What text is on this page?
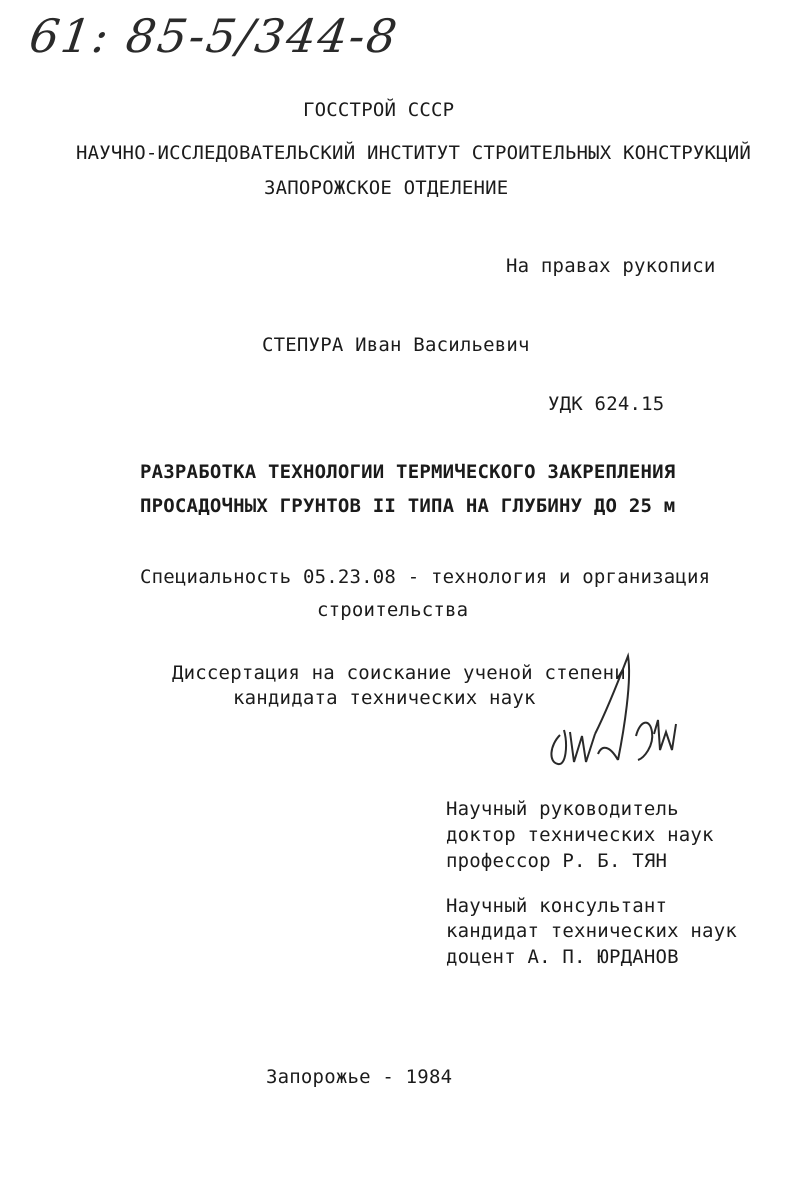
61: 85-5/344-8
ГОССТРОЙ СССР
НАУЧНО-ИССЛЕДОВАТЕЛЬСКИЙ ИНСТИТУТ СТРОИТЕЛЬНЫХ КОНСТРУКЦИЙ
ЗАПОРОЖСКОЕ ОТДЕЛЕНИЕ
На правах рукописи
СТЕПУРА Иван Васильевич
УДК 624.15
РАЗРАБОТКА ТЕХНОЛОГИИ ТЕРМИЧЕСКОГО ЗАКРЕПЛЕНИЯ
ПРОСАДОЧНЫХ ГРУНТОВ II ТИПА НА ГЛУБИНУ ДО 25 м
Специальность 05.23.08 - технология и организация
строительства
Диссертация на соискание ученой степени
кандидата технических наук
Научный руководитель
доктор технических наук
профессор Р. Б. ТЯН
Научный консультант
кандидат технических наук
доцент А. П. ЮРДАНОВ
Запорожье - 1984
